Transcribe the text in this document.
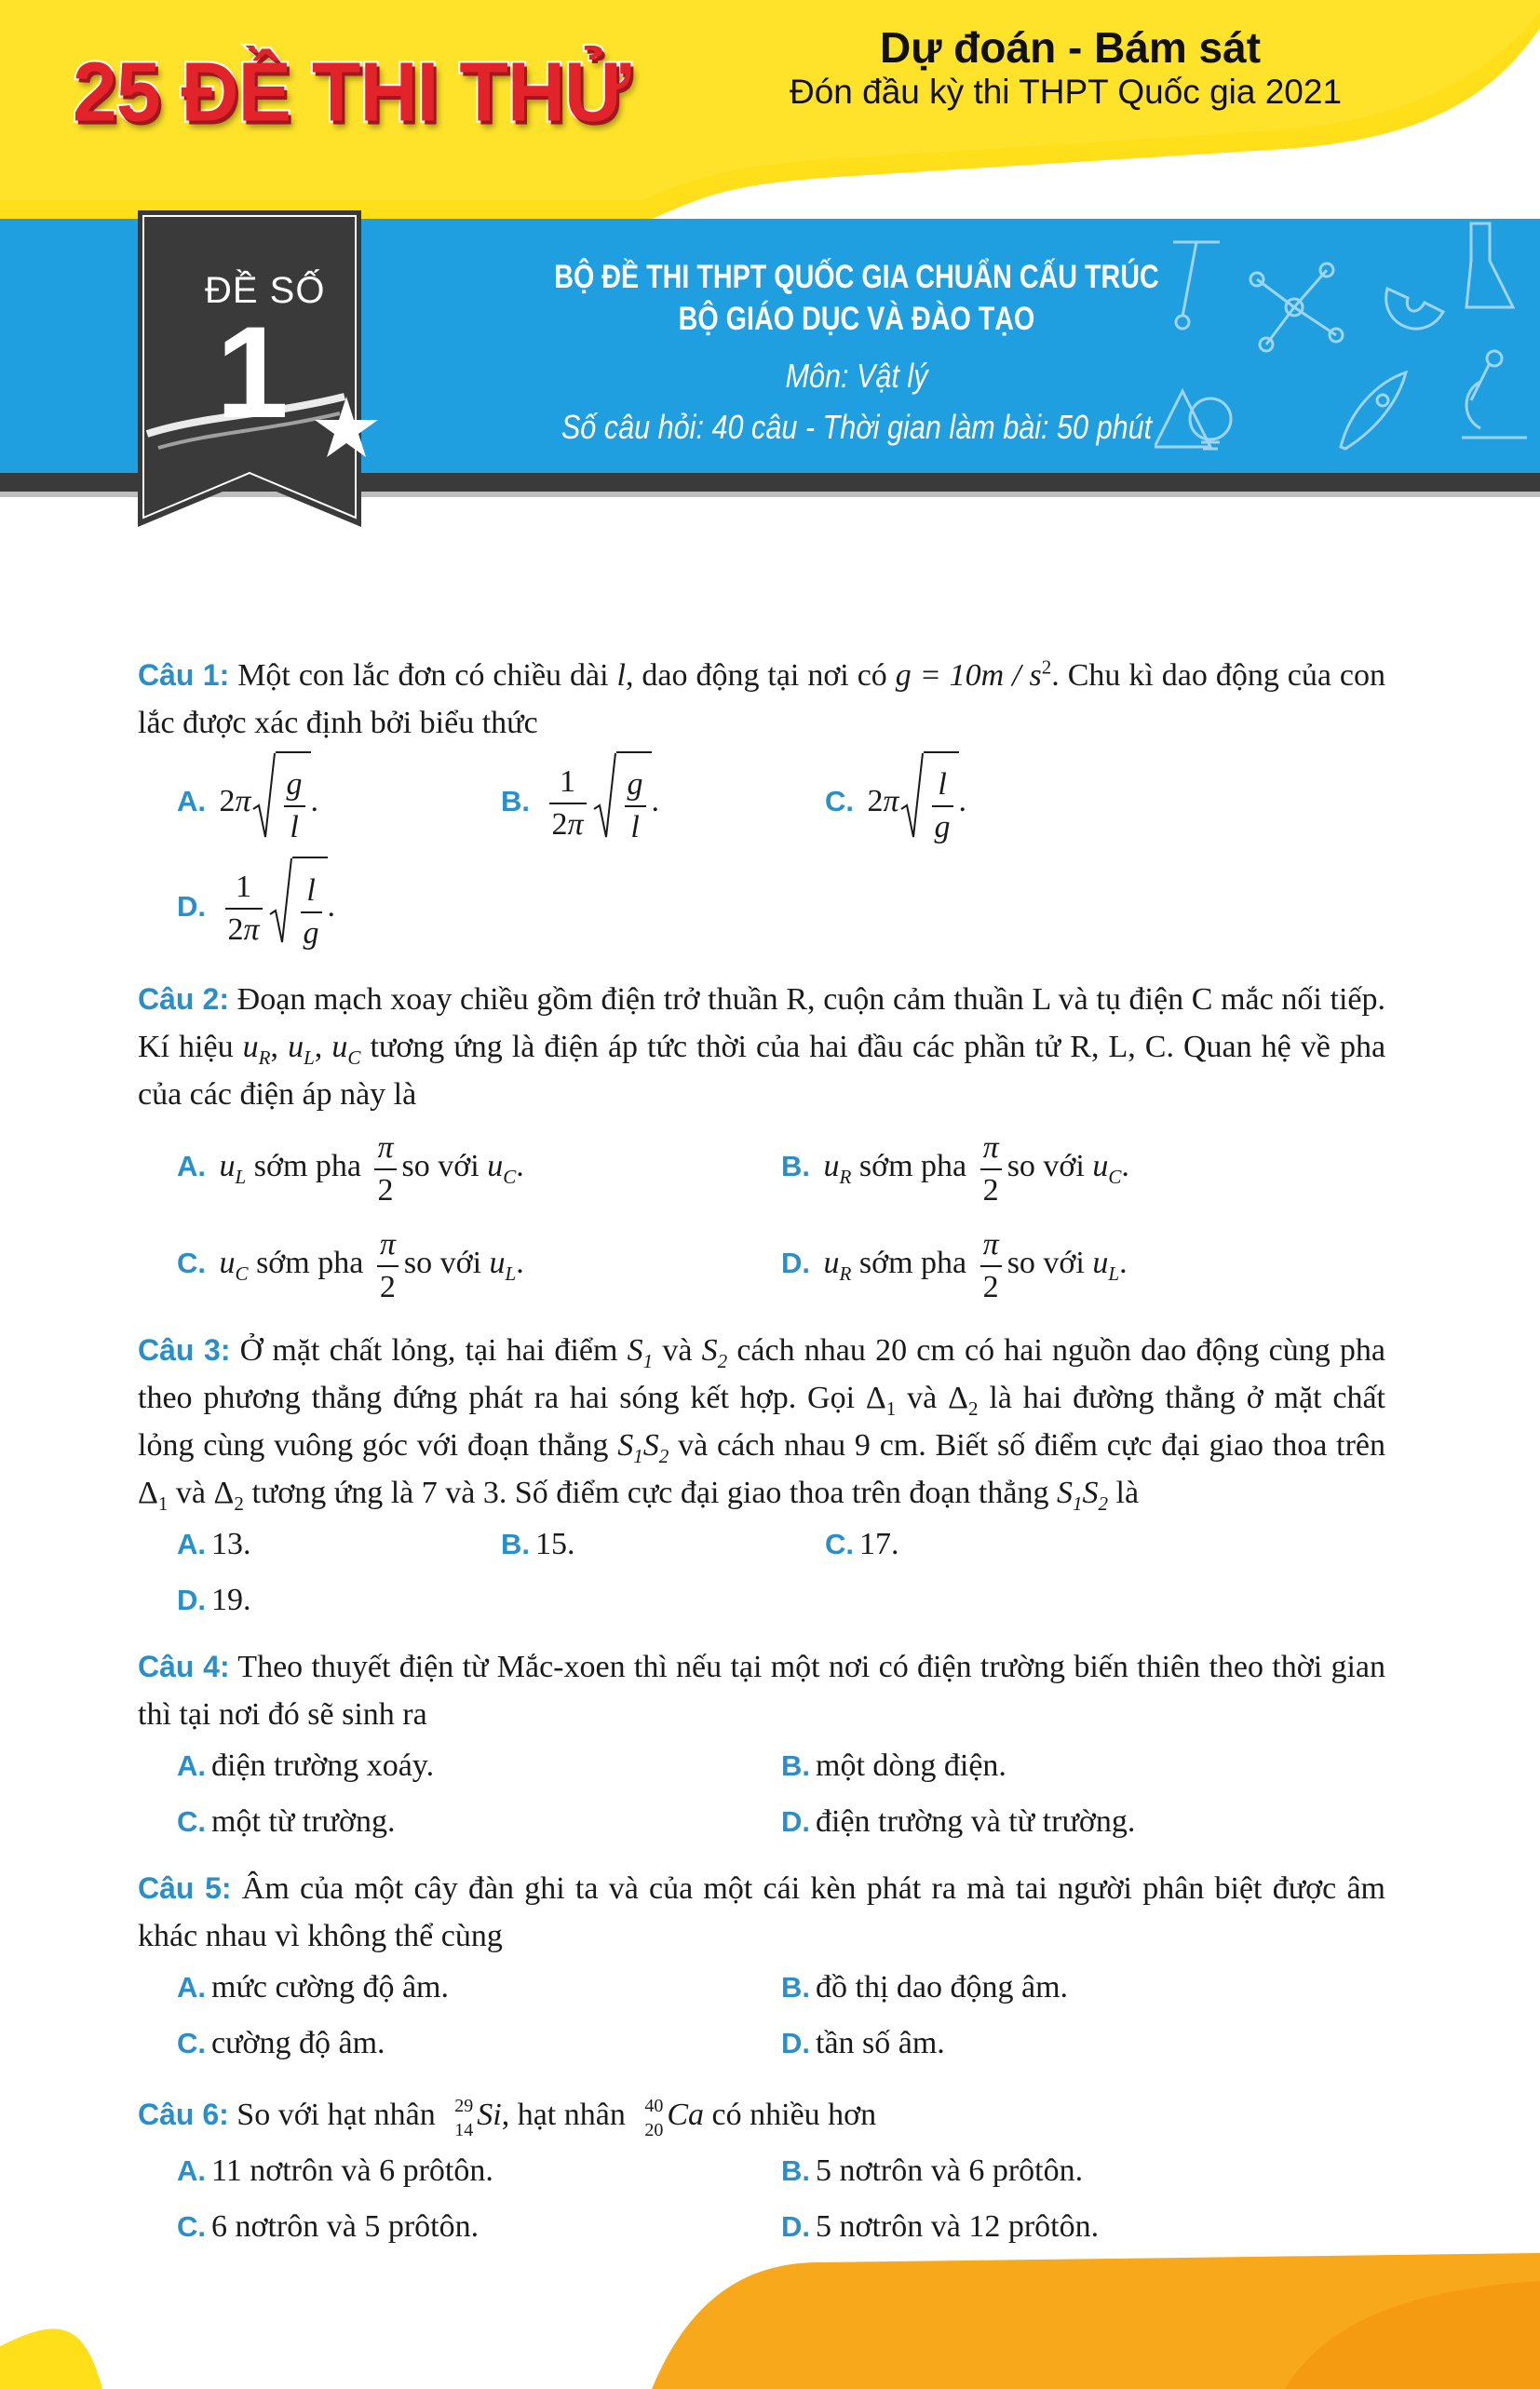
25 ĐỀ THI THỬ	Dự đoán - Bám sát
Đón đầu kỳ thi THPT Quốc gia 2021
ĐỀ SỐ
1
BỘ ĐỀ THI THPT QUỐC GIA CHUẨN CẤU TRÚC
BỘ GIÁO DỤC VÀ ĐÀO TẠO
Môn: Vật lý
Số câu hỏi: 40 câu - Thời gian làm bài: 50 phút
Câu 1: Một con lắc đơn có chiều dài l, dao động tại nơi có $g = 10m / s^2$. Chu kì dao động của con lắc được xác định bởi biểu thức
A. $2\pi \frac{g}{l}$ .	B. $\frac{1}{2\pi} \frac{g}{l}$ .	C. $2\pi \frac{l}{g}$ .
D. $\frac{1}{2\pi} \frac{l}{g}$ .
Câu 2: Đoạn mạch xoay chiều gồm điện trở thuần R, cuộn cảm thuần L và tụ điện C mắc nối tiếp. Kí hiệu $u_R$, $u_L$, $u_C$ tương ứng là điện áp tức thời của hai đầu các phần tử R, L, C. Quan hệ về pha của các điện áp này là
A. $u_L$ sớm pha $\frac{\pi}{2}$ so với $u_C$.	B. $u_R$ sớm pha $\frac{\pi}{2}$ so với $u_C$.
C. $u_C$ sớm pha $\frac{\pi}{2}$ so với $u_L$.	D. $u_R$ sớm pha $\frac{\pi}{2}$ so với $u_L$.
Câu 3: Ở mặt chất lỏng, tại hai điểm $S_1$ và $S_2$ cách nhau 20 cm có hai nguồn dao động cùng pha theo phương thẳng đứng phát ra hai sóng kết hợp. Gọi $\Delta_1$ và $\Delta_2$ là hai đường thẳng ở mặt chất lỏng cùng vuông góc với đoạn thẳng $S_1S_2$ và cách nhau 9 cm. Biết số điểm cực đại giao thoa trên $\Delta_1$ và $\Delta_2$ tương ứng là 7 và 3. Số điểm cực đại giao thoa trên đoạn thẳng $S_1S_2$ là
A. 13.	B. 15.	C. 17.
D. 19.
Câu 4: Theo thuyết điện từ Mắc-xoen thì nếu tại một nơi có điện trường biến thiên theo thời gian thì tại nơi đó sẽ sinh ra
A. điện trường xoáy.	B. một dòng điện.
C. một từ trường.	D. điện trường và từ trường.
Câu 5: Âm của một cây đàn ghi ta và của một cái kèn phát ra mà tai người phân biệt được âm khác nhau vì không thể cùng
A. mức cường độ âm.	B. đồ thị dao động âm.
C. cường độ âm.	D. tần số âm.
Câu 6: So với hạt nhân 29
14 Si, hạt nhân 40
20 Ca có nhiều hơn
A. 11 nơtrôn và 6 prôtôn.	B. 5 nơtrôn và 6 prôtôn.
C. 6 nơtrôn và 5 prôtôn.	D. 5 nơtrôn và 12 prôtôn.
